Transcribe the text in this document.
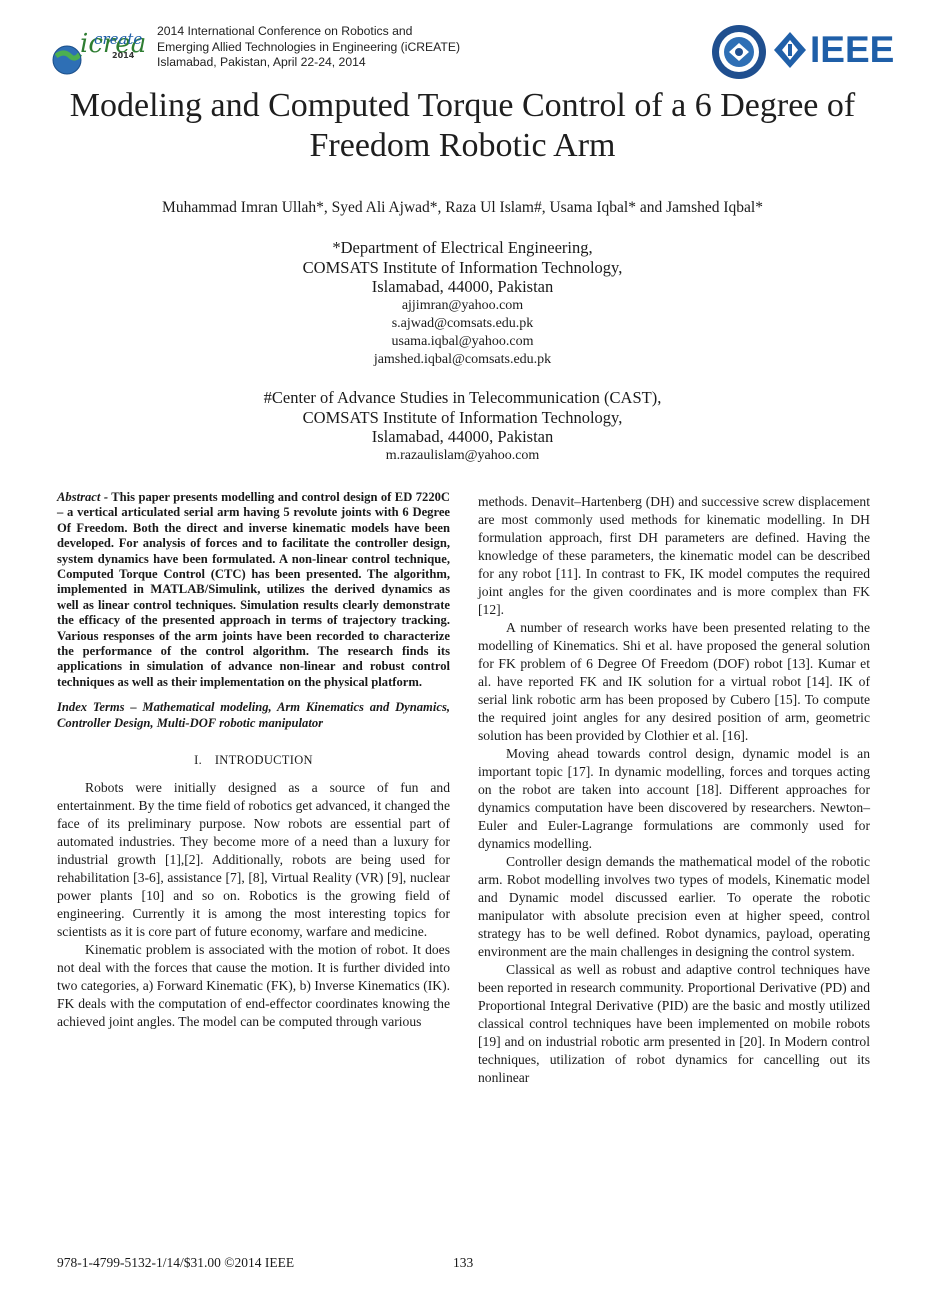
icrea
create
2014
2014 International Conference on Robotics and
Emerging Allied Technologies in Engineering (iCREATE)
Islamabad, Pakistan, April 22-24, 2014	IEEE
Modeling and Computed Torque Control of a 6 Degree of Freedom Robotic Arm
Muhammad Imran Ullah*, Syed Ali Ajwad*, Raza Ul Islam#, Usama Iqbal* and Jamshed Iqbal*
*Department of Electrical Engineering,
COMSATS Institute of Information Technology,
Islamabad, 44000, Pakistan
ajjimran@yahoo.com
s.ajwad@comsats.edu.pk
usama.iqbal@yahoo.com
jamshed.iqbal@comsats.edu.pk
#Center of Advance Studies in Telecommunication (CAST),
COMSATS Institute of Information Technology,
Islamabad, 44000, Pakistan
m.razaulislam@yahoo.com

Abstract - This paper presents modelling and control design of ED 7220C – a vertical articulated serial arm having 5 revolute joints with 6 Degree Of Freedom. Both the direct and inverse kinematic models have been developed. For analysis of forces and to facilitate the controller design, system dynamics have been formulated. A non-linear control technique, Computed Torque Control (CTC) has been presented. The algorithm, implemented in MATLAB/Simulink, utilizes the derived dynamics as well as linear control techniques. Simulation results clearly demonstrate the efficacy of the presented approach in terms of trajectory tracking. Various responses of the arm joints have been recorded to characterize the performance of the control algorithm. The research finds its applications in simulation of advance non-linear and robust control techniques as well as their implementation on the physical platform.

Index Terms – Mathematical modeling, Arm Kinematics and Dynamics, Controller Design, Multi-DOF robotic manipulator

I. INTRODUCTION

Robots were initially designed as a source of fun and entertainment. By the time field of robotics get advanced, it changed the face of its preliminary purpose. Now robots are essential part of automated industries. They become more of a need than a luxury for industrial growth [1],[2]. Additionally, robots are being used for rehabilitation [3-6], assistance [7], [8], Virtual Reality (VR) [9], nuclear power plants [10] and so on. Robotics is the growing field of engineering. Currently it is among the most interesting topics for scientists as it is core part of future economy, warfare and medicine.

Kinematic problem is associated with the motion of robot. It does not deal with the forces that cause the motion. It is further divided into two categories, a) Forward Kinematic (FK), b) Inverse Kinematics (IK). FK deals with the computation of end-effector coordinates knowing the achieved joint angles. The model can be computed through various

methods. Denavit–Hartenberg (DH) and successive screw displacement are most commonly used methods for kinematic modelling. In DH formulation approach, first DH parameters are defined. Having the knowledge of these parameters, the kinematic model can be described for any robot [11]. In contrast to FK, IK model computes the required joint angles for the given coordinates and is more complex than FK [12].

A number of research works have been presented relating to the modelling of Kinematics. Shi et al. have proposed the general solution for FK problem of 6 Degree Of Freedom (DOF) robot [13]. Kumar et al. have reported FK and IK solution for a virtual robot [14]. IK of serial link robotic arm has been proposed by Cubero [15]. To compute the required joint angles for any desired position of arm, geometric solution has been provided by Clothier et al. [16].

Moving ahead towards control design, dynamic model is an important topic [17]. In dynamic modelling, forces and torques acting on the robot are taken into account [18]. Different approaches for dynamics computation have been discovered by researchers. Newton–Euler and Euler-Lagrange formulations are commonly used for dynamics modelling.

Controller design demands the mathematical model of the robotic arm. Robot modelling involves two types of models, Kinematic model and Dynamic model discussed earlier. To operate the robotic manipulator with absolute precision even at higher speed, control strategy has to be well defined. Robot dynamics, payload, operating environment are the main challenges in designing the control system.

Classical as well as robust and adaptive control techniques have been reported in research community. Proportional Derivative (PD) and Proportional Integral Derivative (PID) are the basic and mostly utilized classical control techniques have been implemented on mobile robots [19] and on industrial robotic arm presented in [20]. In Modern control techniques, utilization of robot dynamics for cancelling out its nonlinear

978-1-4799-5132-1/14/$31.00 ©2014 IEEE	133
